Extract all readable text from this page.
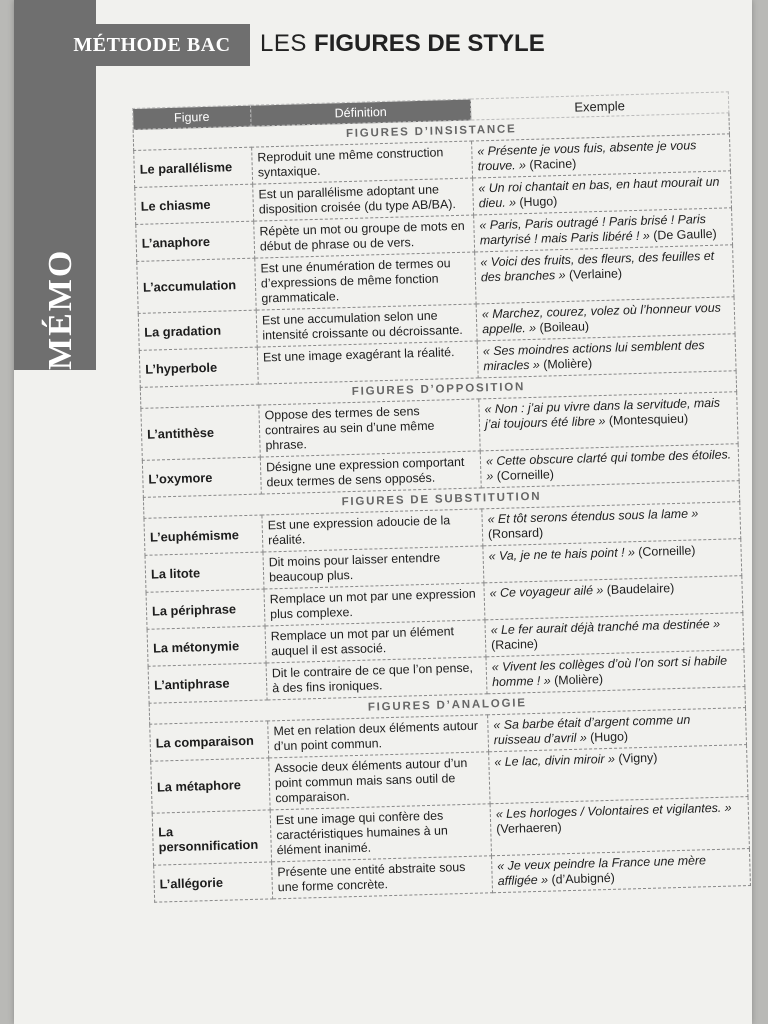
MÉMO
MÉTHODE BAC	LES FIGURES DE STYLE
Figure	Définition	Exemple
FIGURES D’INSISTANCE		
Le parallélisme	Reproduit une même construction syntaxique.	« Présente je vous fuis, absente je vous trouve. » (Racine)
Le chiasme	Est un parallélisme adoptant une disposition croisée (du type AB/BA).	« Un roi chantait en bas, en haut mourait un dieu. » (Hugo)
L’anaphore	Répète un mot ou groupe de mots en début de phrase ou de vers.	« Paris, Paris outragé ! Paris brisé ! Paris martyrisé ! mais Paris libéré ! » (De Gaulle)
L’accumulation	Est une énumération de termes ou d’expressions de même fonction grammaticale.	« Voici des fruits, des fleurs, des feuilles et des branches » (Verlaine)
La gradation	Est une accumulation selon une intensité croissante ou décroissante.	« Marchez, courez, volez où l’honneur vous appelle. » (Boileau)
L’hyperbole	Est une image exagérant la réalité.	« Ses moindres actions lui semblent des miracles » (Molière)
FIGURES D’OPPOSITION		
L’antithèse	Oppose des termes de sens contraires au sein d’une même phrase.	« Non : j’ai pu vivre dans la servitude, mais j’ai toujours été libre » (Montesquieu)
L’oxymore	Désigne une expression comportant deux termes de sens opposés.	« Cette obscure clarté qui tombe des étoiles. » (Corneille)
FIGURES DE SUBSTITUTION		
L’euphémisme	Est une expression adoucie de la réalité.	« Et tôt serons étendus sous la lame » (Ronsard)
La litote	Dit moins pour laisser entendre beaucoup plus.	« Va, je ne te hais point ! » (Corneille)
La périphrase	Remplace un mot par une expression plus complexe.	« Ce voyageur ailé » (Baudelaire)
La métonymie	Remplace un mot par un élément auquel il est associé.	« Le fer aurait déjà tranché ma destinée » (Racine)
L’antiphrase	Dit le contraire de ce que l’on pense, à des fins ironiques.	« Vivent les collèges d’où l’on sort si habile homme ! » (Molière)
FIGURES D’ANALOGIE		
La comparaison	Met en relation deux éléments autour d’un point commun.	« Sa barbe était d’argent comme un ruisseau d’avril » (Hugo)
La métaphore	Associe deux éléments autour d’un point commun mais sans outil de comparaison.	« Le lac, divin miroir » (Vigny)
La personnification	Est une image qui confère des caractéristiques humaines à un élément inanimé.	« Les horloges / Volontaires et vigilantes. » (Verhaeren)
L’allégorie	Présente une entité abstraite sous une forme concrète.	« Je veux peindre la France une mère affligée » (d’Aubigné)
